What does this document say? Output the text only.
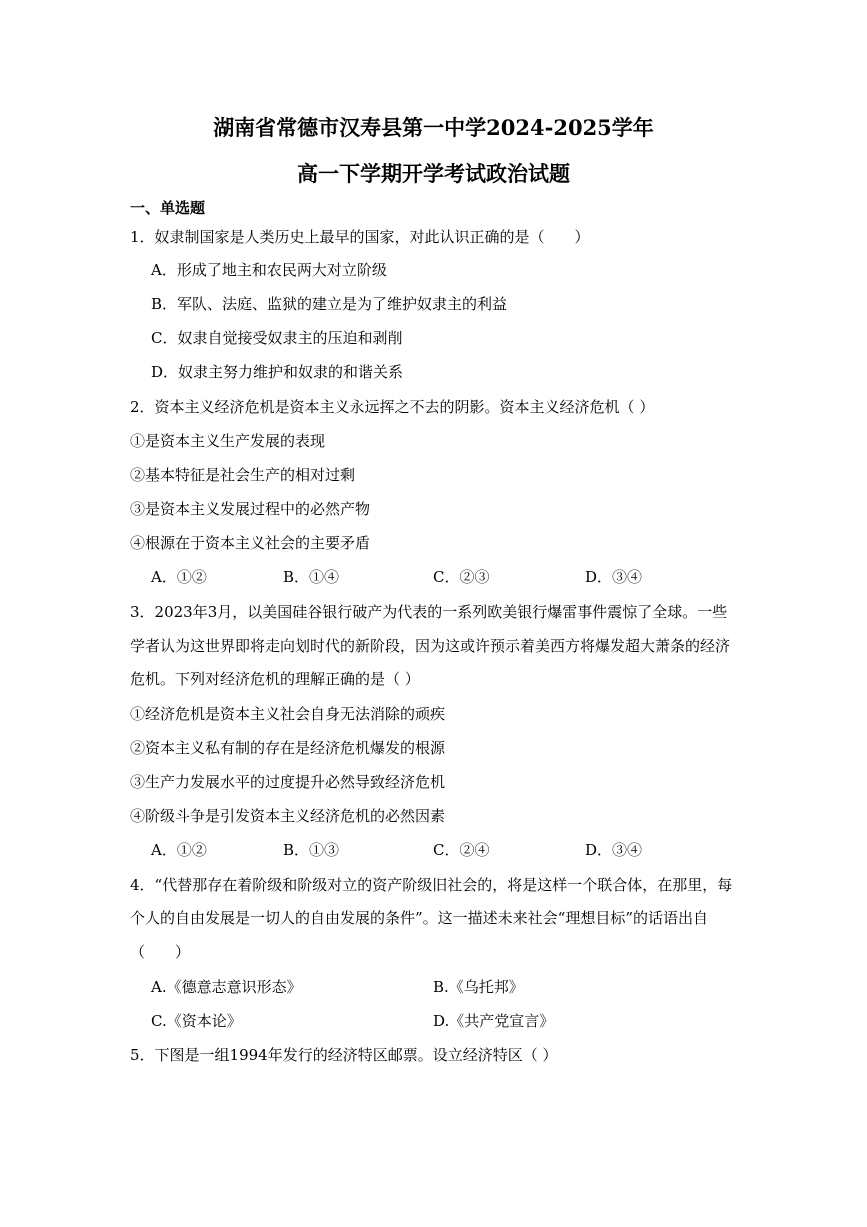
湖南省常德市汉寿县第一中学2024-2025学年
高一下学期开学考试政治试题
一、单选题
1．奴隶制国家是人类历史上最早的国家，对此认识正确的是（　　）
A．形成了地主和农民两大对立阶级
B．军队、法庭、监狱的建立是为了维护奴隶主的利益
C．奴隶自觉接受奴隶主的压迫和剥削
D．奴隶主努力维护和奴隶的和谐关系
2．资本主义经济危机是资本主义永远挥之不去的阴影。资本主义经济危机（ ）
①是资本主义生产发展的表现
②基本特征是社会生产的相对过剩
③是资本主义发展过程中的必然产物
④根源在于资本主义社会的主要矛盾
A．①②	B．①④	C．②③	D．③④
3．2023年3月，以美国硅谷银行破产为代表的一系列欧美银行爆雷事件震惊了全球。一些
学者认为这世界即将走向划时代的新阶段，因为这或许预示着美西方将爆发超大萧条的经济
危机。下列对经济危机的理解正确的是（ ）
①经济危机是资本主义社会自身无法消除的顽疾
②资本主义私有制的存在是经济危机爆发的根源
③生产力发展水平的过度提升必然导致经济危机
④阶级斗争是引发资本主义经济危机的必然因素
A．①②	B．①③	C．②④	D．③④
4．“代替那存在着阶级和阶级对立的资产阶级旧社会的，将是这样一个联合体，在那里，每
个人的自由发展是一切人的自由发展的条件”。这一描述未来社会“理想目标”的话语出自
（　　）
A.《德意志意识形态》	B.《乌托邦》
C.《资本论》	D.《共产党宣言》
5．下图是一组1994年发行的经济特区邮票。设立经济特区（ ）
